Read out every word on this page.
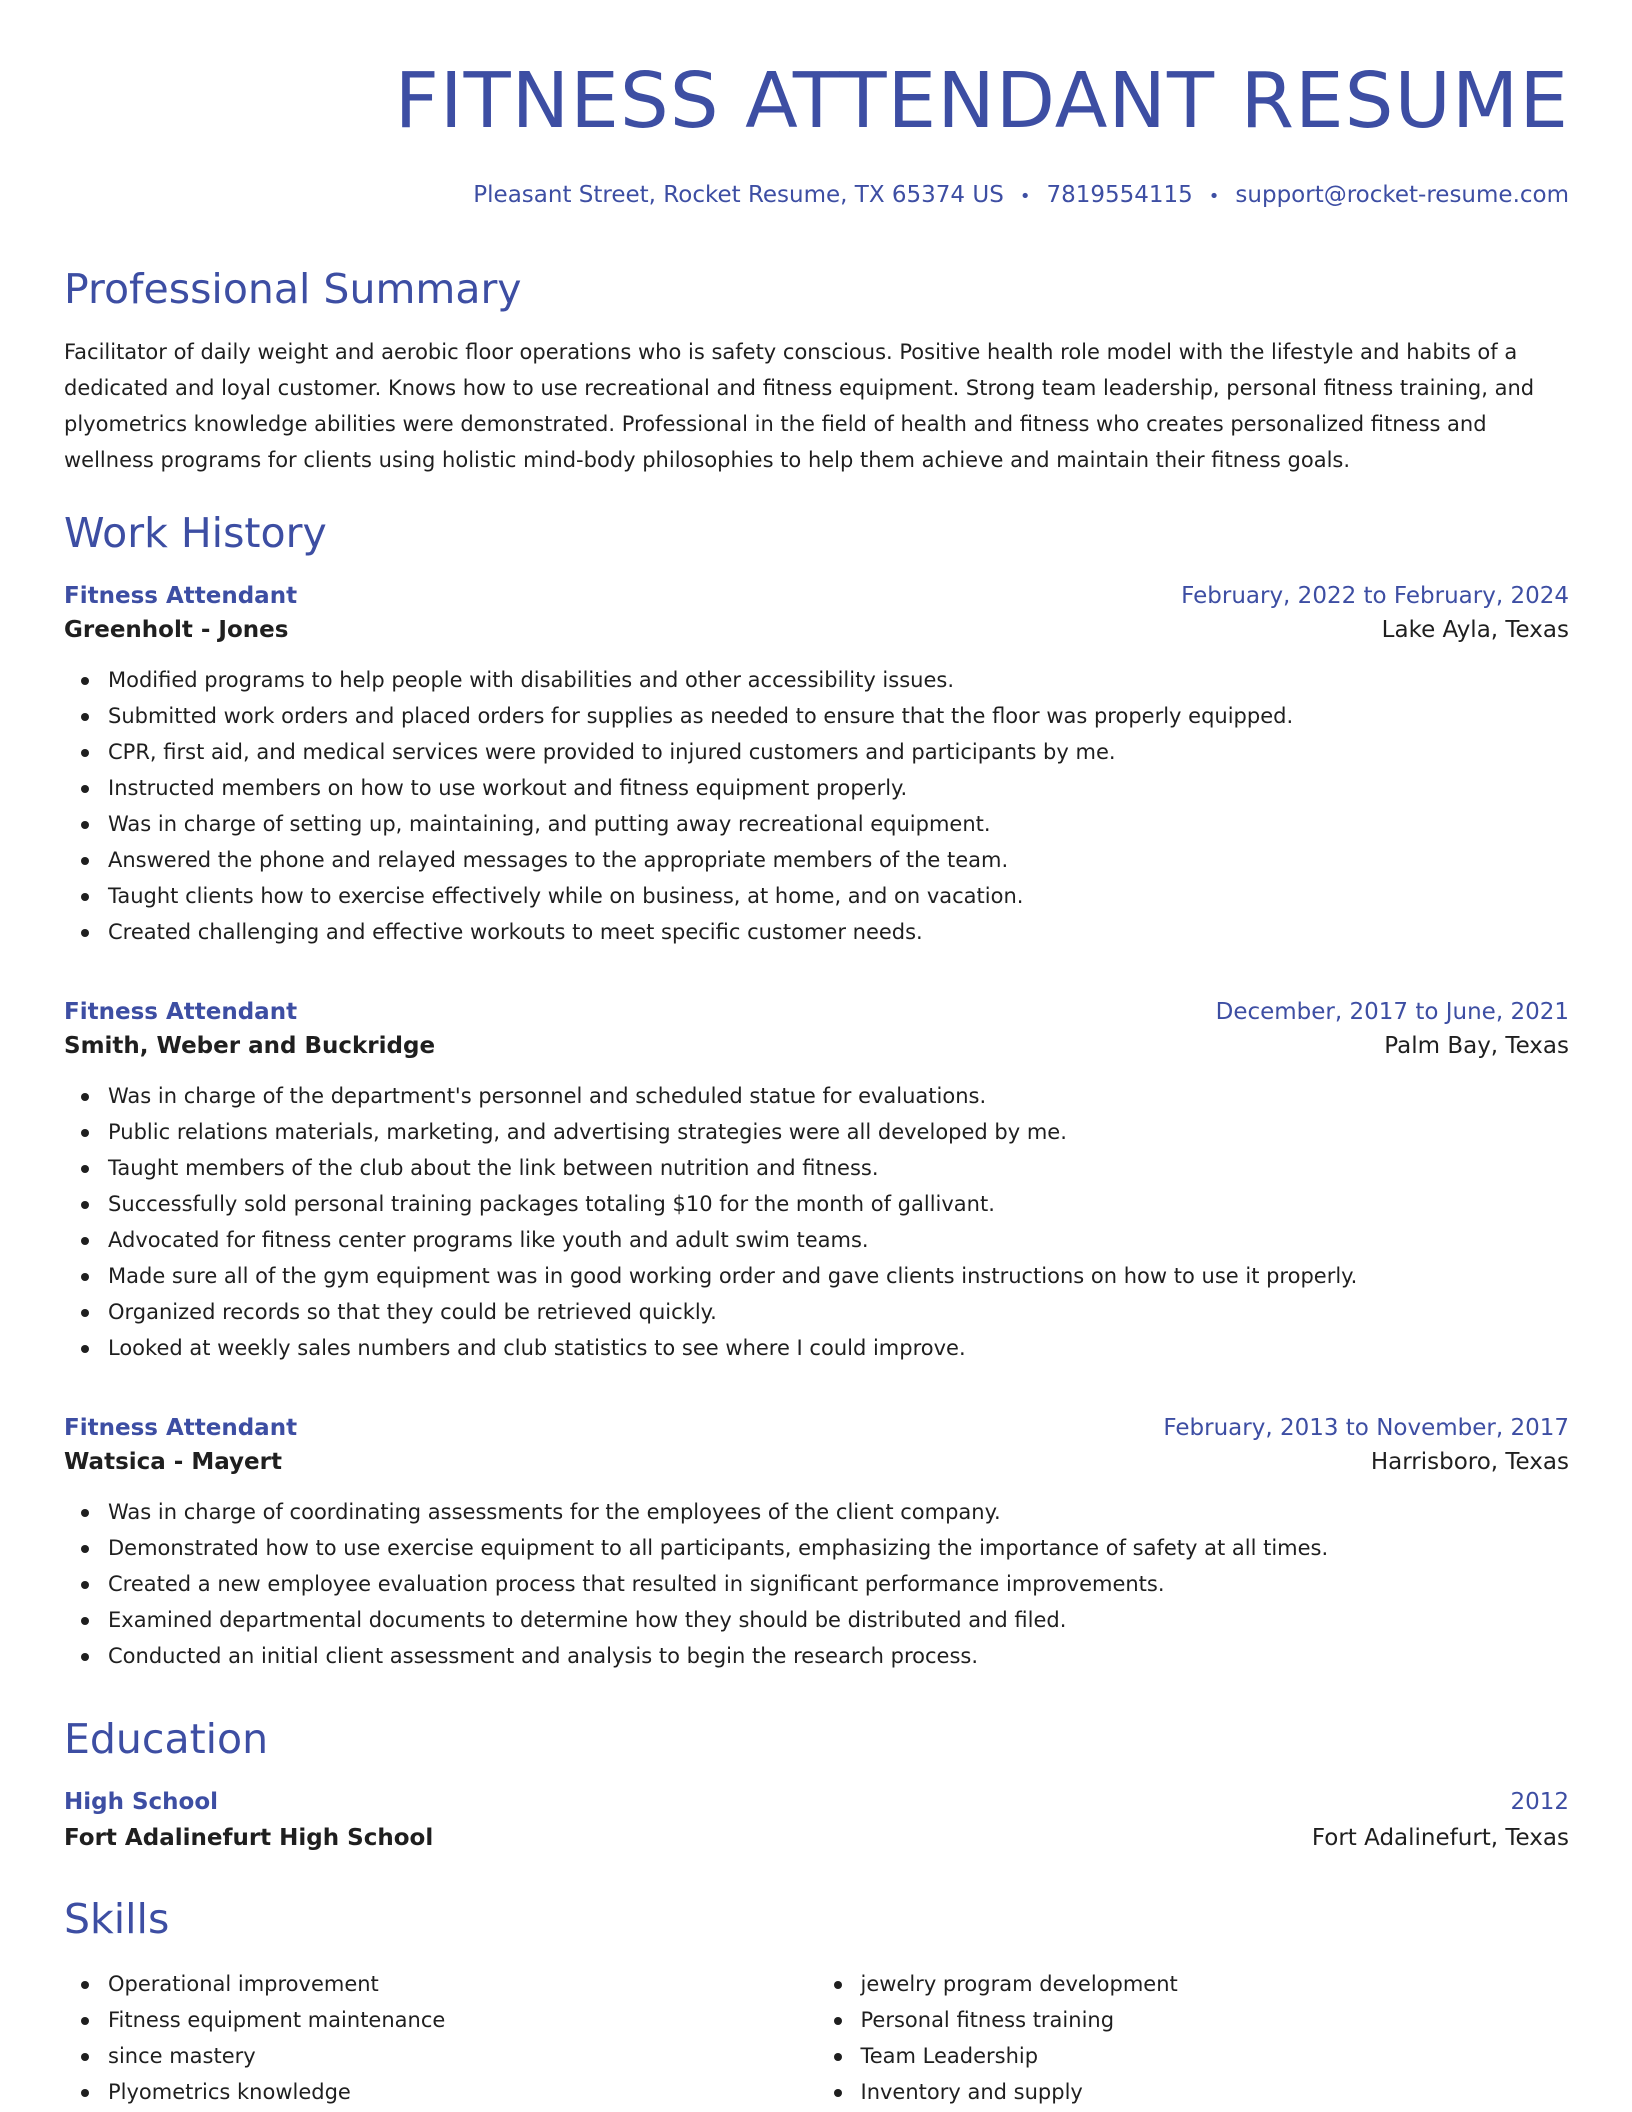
FITNESS ATTENDANT RESUME
Pleasant Street, Rocket Resume, TX 65374 US • 7819554115 • support@rocket-resume.com
Professional Summary

Facilitator of daily weight and aerobic floor operations who is safety conscious. Positive health role model with the lifestyle and habits of a dedicated and loyal customer. Knows how to use recreational and fitness equipment. Strong team leadership, personal fitness training, and plyometrics knowledge abilities were demonstrated. Professional in the field of health and fitness who creates personalized fitness and wellness programs for clients using holistic mind-body philosophies to help them achieve and maintain their fitness goals.

Work History
Fitness Attendant	February, 2022 to February, 2024
Greenholt - Jones	Lake Ayla, Texas
Modified programs to help people with disabilities and other accessibility issues.
Submitted work orders and placed orders for supplies as needed to ensure that the floor was properly equipped.
CPR, first aid, and medical services were provided to injured customers and participants by me.
Instructed members on how to use workout and fitness equipment properly.
Was in charge of setting up, maintaining, and putting away recreational equipment.
Answered the phone and relayed messages to the appropriate members of the team.
Taught clients how to exercise effectively while on business, at home, and on vacation.
Created challenging and effective workouts to meet specific customer needs.
Fitness Attendant	December, 2017 to June, 2021
Smith, Weber and Buckridge	Palm Bay, Texas
Was in charge of the department's personnel and scheduled statue for evaluations.
Public relations materials, marketing, and advertising strategies were all developed by me.
Taught members of the club about the link between nutrition and fitness.
Successfully sold personal training packages totaling $10 for the month of gallivant.
Advocated for fitness center programs like youth and adult swim teams.
Made sure all of the gym equipment was in good working order and gave clients instructions on how to use it properly.
Organized records so that they could be retrieved quickly.
Looked at weekly sales numbers and club statistics to see where I could improve.
Fitness Attendant	February, 2013 to November, 2017
Watsica - Mayert	Harrisboro, Texas
Was in charge of coordinating assessments for the employees of the client company.
Demonstrated how to use exercise equipment to all participants, emphasizing the importance of safety at all times.
Created a new employee evaluation process that resulted in significant performance improvements.
Examined departmental documents to determine how they should be distributed and filed.
Conducted an initial client assessment and analysis to begin the research process.
Education
High School	2012
Fort Adalinefurt High School	Fort Adalinefurt, Texas
Skills
Operational improvement
Fitness equipment maintenance
since mastery
Plyometrics knowledge
jewelry program development
Personal fitness training
Team Leadership
Inventory and supply
